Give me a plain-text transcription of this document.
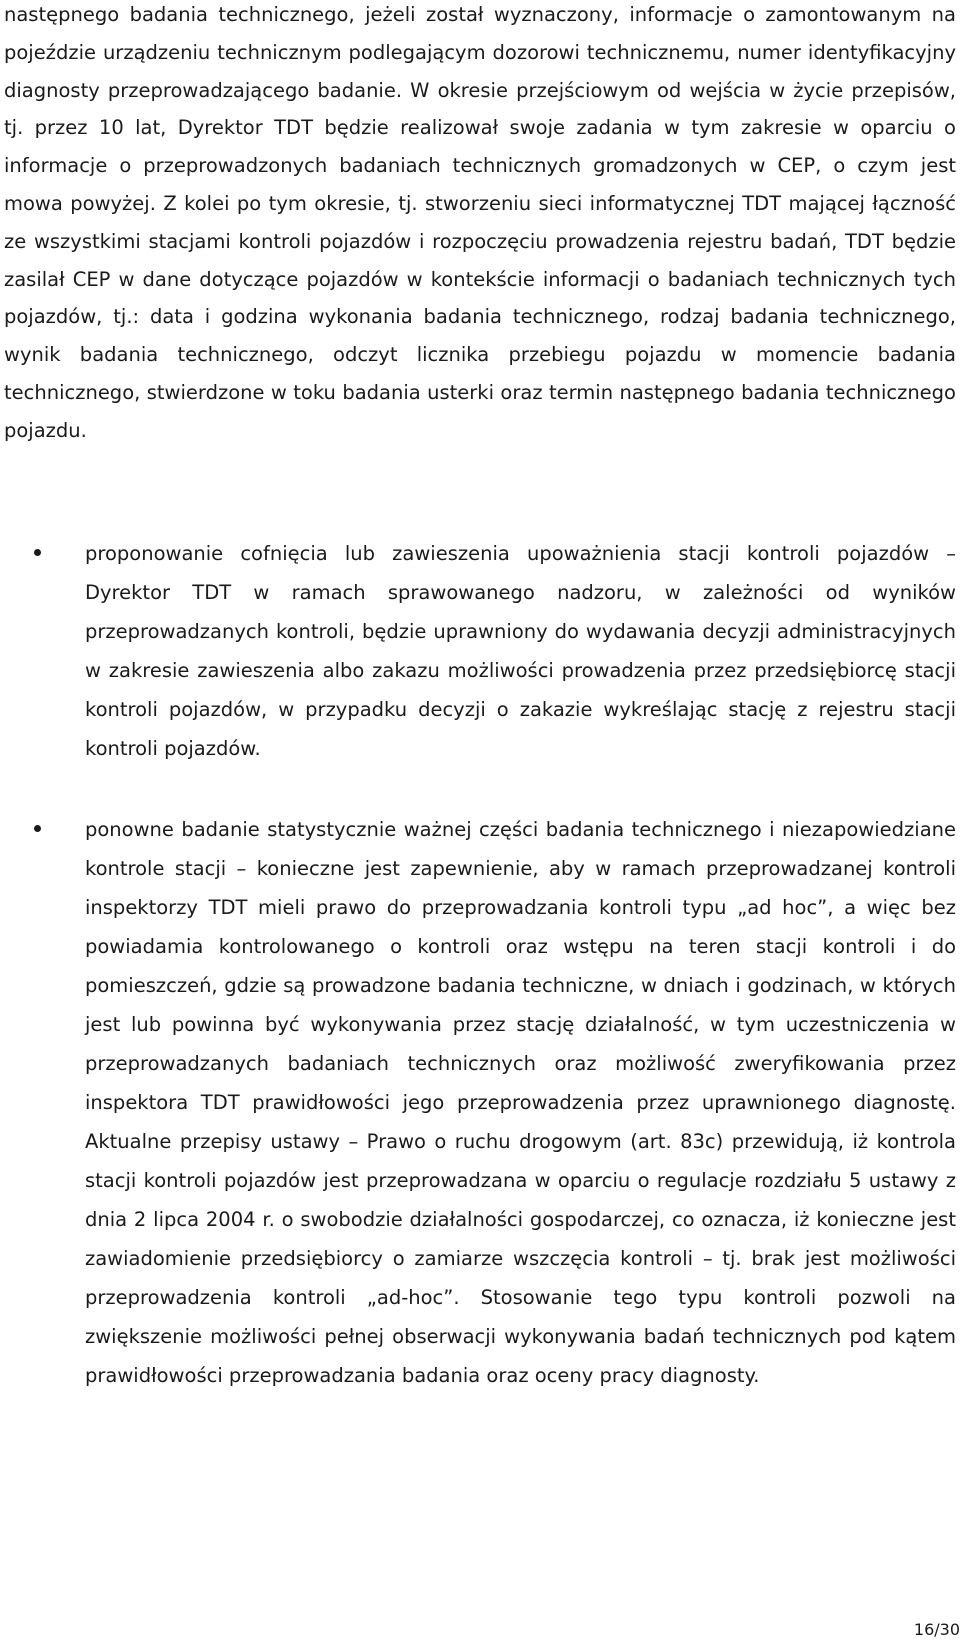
następnego badania technicznego, jeżeli został wyznaczony, informacje o zamontowanym na pojeździe urządzeniu technicznym podlegającym dozorowi technicznemu, numer identyfikacyjny diagnosty przeprowadzającego badanie. W okresie przejściowym od wejścia w życie przepisów, tj. przez 10 lat, Dyrektor TDT będzie realizował swoje zadania w tym zakresie w oparciu o informacje o przeprowadzonych badaniach technicznych gromadzonych w CEP, o czym jest mowa powyżej. Z kolei po tym okresie, tj. stworzeniu sieci informatycznej TDT mającej łączność ze wszystkimi stacjami kontroli pojazdów i rozpoczęciu prowadzenia rejestru badań, TDT będzie zasilał CEP w dane dotyczące pojazdów w kontekście informacji o badaniach technicznych tych pojazdów, tj.: data i godzina wykonania badania technicznego, rodzaj badania technicznego, wynik badania technicznego, odczyt licznika przebiegu pojazdu w momencie badania technicznego, stwierdzone w toku badania usterki oraz termin następnego badania technicznego pojazdu.

proponowanie cofnięcia lub zawieszenia upoważnienia stacji kontroli pojazdów – Dyrektor TDT w ramach sprawowanego nadzoru, w zależności od wyników przeprowadzanych kontroli, będzie uprawniony do wydawania decyzji administracyjnych w zakresie zawieszenia albo zakazu możliwości prowadzenia przez przedsiębiorcę stacji kontroli pojazdów, w przypadku decyzji o zakazie wykreślając stację z rejestru stacji kontroli pojazdów.

ponowne badanie statystycznie ważnej części badania technicznego i niezapowiedziane kontrole stacji – konieczne jest zapewnienie, aby w ramach przeprowadzanej kontroli inspektorzy TDT mieli prawo do przeprowadzania kontroli typu „ad hoc”, a więc bez powiadamia kontrolowanego o kontroli oraz wstępu na teren stacji kontroli i do pomieszczeń, gdzie są prowadzone badania techniczne, w dniach i godzinach, w których jest lub powinna być wykonywania przez stację działalność, w tym uczestniczenia w przeprowadzanych badaniach technicznych oraz możliwość zweryfikowania przez inspektora TDT prawidłowości jego przeprowadzenia przez uprawnionego diagnostę. Aktualne przepisy ustawy – Prawo o ruchu drogowym (art. 83c) przewidują, iż kontrola stacji kontroli pojazdów jest przeprowadzana w oparciu o regulacje rozdziału 5 ustawy z dnia 2 lipca 2004 r. o swobodzie działalności gospodarczej, co oznacza, iż konieczne jest zawiadomienie przedsiębiorcy o zamiarze wszczęcia kontroli – tj. brak jest możliwości przeprowadzenia kontroli „ad-hoc”. Stosowanie tego typu kontroli pozwoli na zwiększenie możliwości pełnej obserwacji wykonywania badań technicznych pod kątem prawidłowości przeprowadzania badania oraz oceny pracy diagnosty.

16/30
